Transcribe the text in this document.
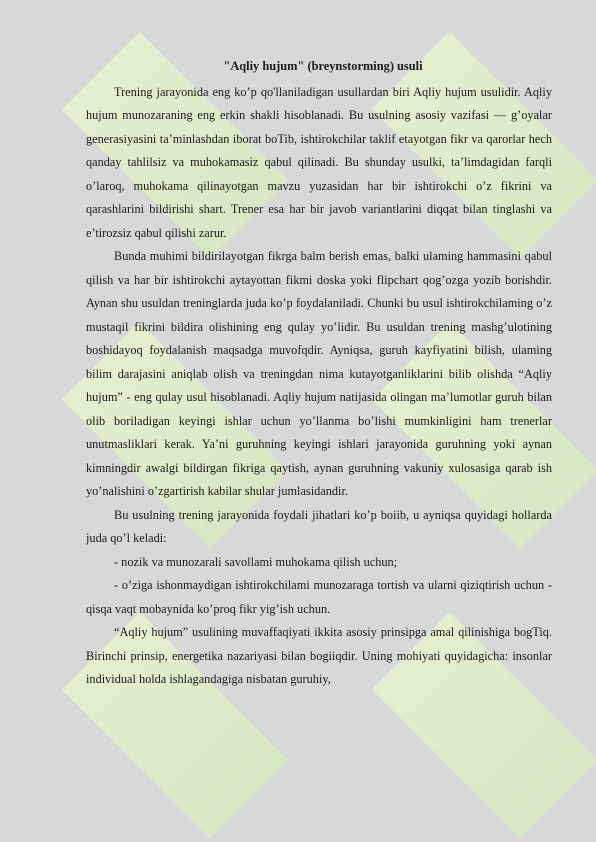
"Aqliy hujum" (breynstorming) usuli

Trening jarayonida eng ko’p qo'llaniladigan usullardan biri Aqliy hujum usulidir. Aqliy hujum munozaraning eng erkin shakli hisoblanadi. Bu usulning asosiy vazifasi — g’oyalar generasiyasini ta’minlashdan iborat boTib, ishtirokchilar taklif etayotgan fikr va qarorlar hech qanday tahlilsiz va muhokamasiz qabul qilinadi. Bu shunday usulki, ta’limdagidan farqli o’laroq, muhokama qilinayotgan mavzu yuzasidan har bir ishtirokchi o’z fikrini va qarashlarini bildirishi shart. Trener esa har bir javob variantlarini diqqat bilan tinglashi va e’tirozsiz qabul qilishi zarur.

Bunda muhimi bildirilayotgan fikrga balm berish emas, balki ulaming hammasini qabul qilish va har bir ishtirokchi aytayottan fikmi doska yoki flipchart qog’ozga yozib borishdir. Aynan shu usuldan treninglarda juda ko’p foydalaniladi. Chunki bu usul ishtirokchilaming o’z mustaqil fikrini bildira olishining eng qulay yo’lidir. Bu usuldan trening mashg’ulotining boshidayoq foydalanish maqsadga muvofqdir. Ayniqsa, guruh kayfiyatini bilish, ulaming bilim darajasini aniqlab olish va treningdan nima kutayotganliklarini bilib olishda “Aqliy hujum” - eng qulay usul hisoblanadi. Aqliy hujum natijasida olingan ma’lumotlar guruh bilan olib boriladigan keyingi ishlar uchun yo’llanma bo’lishi mumkinligini ham trenerlar unutmasliklari kerak. Ya’ni guruhning keyingi ishlari jarayonida guruhning yoki aynan kimningdir awalgi bildirgan fikriga qaytish, aynan guruhning vakuniy xulosasiga qarab ish yo’nalishini o’zgartirish kabilar shular jumlasidandir.

Bu usulning trening jarayonida foydali jihatlari ko’p boiib, u ayniqsa quyidagi hollarda juda qo’l keladi:

- nozik va munozarali savollami muhokama qilish uchun;

- o’ziga ishonmaydigan ishtirokchilami munozaraga tortish va ularni qiziqtirish uchun - qisqa vaqt mobaynida ko’proq fikr yig’ish uchun.

“Aqliy hujum” usulining muvaffaqiyati ikkita asosiy prinsipga amal qilinishiga bogTiq. Birinchi prinsip, energetika nazariyasi bilan bogiiqdir. Uning mohiyati quyidagicha: insonlar individual holda ishlagandagiga nisbatan guruhiy,
